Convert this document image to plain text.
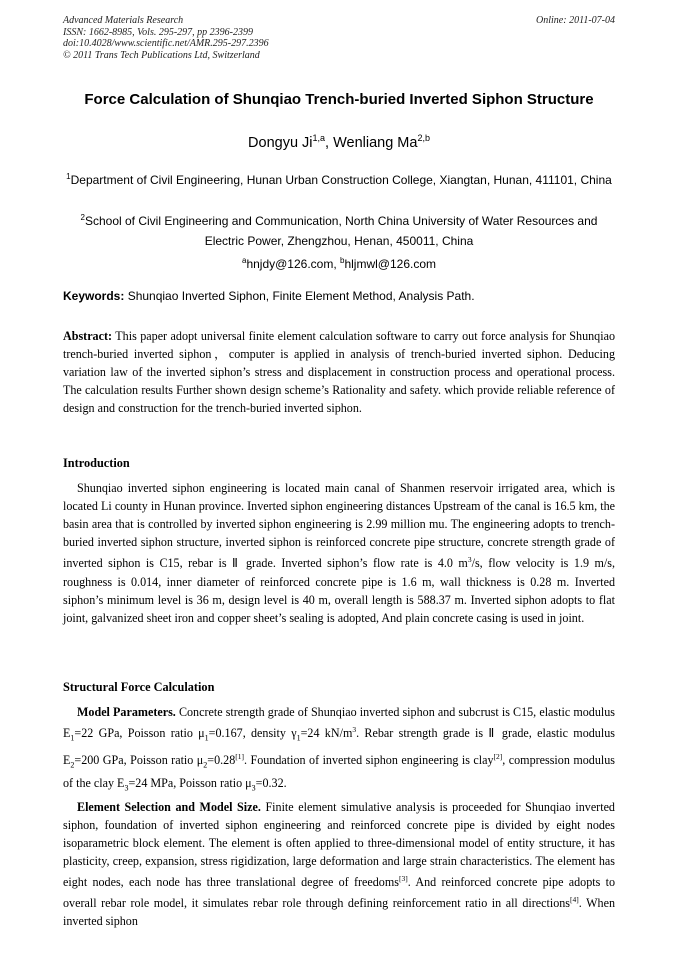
Advanced Materials Research
ISSN: 1662-8985, Vols. 295-297, pp 2396-2399
doi:10.4028/www.scientific.net/AMR.295-297.2396
© 2011 Trans Tech Publications Ltd, Switzerland
Online: 2011-07-04
Force Calculation of Shunqiao Trench-buried Inverted Siphon Structure
Dongyu Ji$^{1,a}$, Wenliang Ma$^{2,b}$
$^1$Department of Civil Engineering, Hunan Urban Construction College, Xiangtan, Hunan, 411101, China
$^2$School of Civil Engineering and Communication, North China University of Water Resources and Electric Power, Zhengzhou, Henan, 450011, China
$^a$hnjdy@126.com, $^b$hljmwl@126.com
Keywords: Shunqiao Inverted Siphon, Finite Element Method, Analysis Path.
Abstract: This paper adopt universal finite element calculation software to carry out force analysis for Shunqiao trench-buried inverted siphon，computer is applied in analysis of trench-buried inverted siphon. Deducing variation law of the inverted siphon’s stress and displacement in construction process and operational process. The calculation results Further shown design scheme’s Rationality and safety. which provide reliable reference of design and construction for the trench-buried inverted siphon.
Introduction
Shunqiao inverted siphon engineering is located main canal of Shanmen reservoir irrigated area, which is located Li county in Hunan province. Inverted siphon engineering distances Upstream of the canal is 16.5 km, the basin area that is controlled by inverted siphon engineering is 2.99 million mu. The engineering adopts to trench-buried inverted siphon structure, inverted siphon is reinforced concrete pipe structure, concrete strength grade of inverted siphon is C15, rebar is Ⅱ grade. Inverted siphon’s flow rate is 4.0 $m^3/s$, flow velocity is 1.9 m/s, roughness is 0.014, inner diameter of reinforced concrete pipe is 1.6 m, wall thickness is 0.28 m. Inverted siphon’s minimum level is 36 m, design level is 40 m, overall length is 588.37 m. Inverted siphon adopts to flat joint, galvanized sheet iron and copper sheet’s sealing is adopted, And plain concrete casing is used in joint.
Structural Force Calculation

Model Parameters. Concrete strength grade of Shunqiao inverted siphon and subcrust is C15, elastic modulus $E_1=22$ GPa, Poisson ratio $\mu_1=0.167$, density $\gamma_1=24$ $kN/m^3$. Rebar strength grade is Ⅱ grade, elastic modulus $E_2=200$ GPa, Poisson ratio $\mu_2=0.28[1]$. Foundation of inverted siphon engineering is clay[2], compression modulus of the clay $E_3=24$ MPa, Poisson ratio $\mu_3=0.32$.

Element Selection and Model Size. Finite element simulative analysis is proceeded for Shunqiao inverted siphon, foundation of inverted siphon engineering and reinforced concrete pipe is divided by eight nodes isoparametric block element. The element is often applied to three-dimensional model of entity structure, it has plasticity, creep, expansion, stress rigidization, large deformation and large strain characteristics. The element has eight nodes, each node has three translational degree of freedoms[3]. And reinforced concrete pipe adopts to overall rebar role model, it simulates rebar role through defining reinforcement ratio in all directions[4]. When inverted siphon
